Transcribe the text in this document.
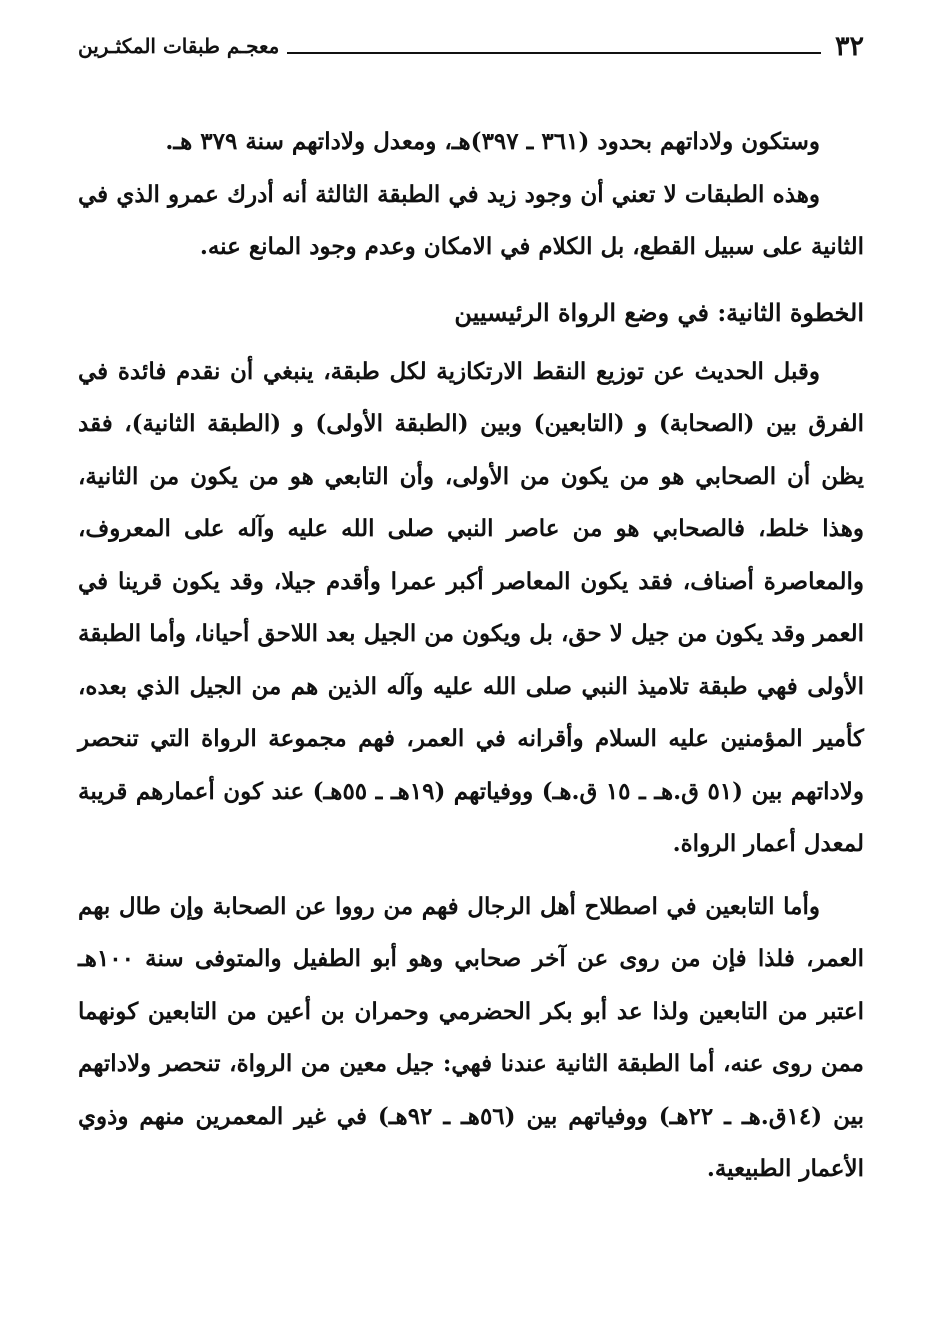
٣٢
معجـم طبقات المكثـرين

وستكون ولاداتهم بحدود (٣٦١ ـ ٣٩٧)هـ، ومعدل ولاداتهم سنة ٣٧٩ هـ.

وهذه الطبقات لا تعني أن وجود زيد في الطبقة الثالثة أنه أدرك عمرو الذي في الثانية على سبيل القطع، بل الكلام في الامكان وعدم وجود المانع عنه.

الخطوة الثانية: في وضع الرواة الرئيسيين

وقبل الحديث عن توزيع النقط الارتكازية لكل طبقة، ينبغي أن نقدم فائدة في الفرق بين (الصحابة) و (التابعين) وبين (الطبقة الأولى) و (الطبقة الثانية)، فقد يظن أن الصحابي هو من يكون من الأولى، وأن التابعي هو من يكون من الثانية، وهذا خلط، فالصحابي هو من عاصر النبي صلى الله عليه وآله على المعروف، والمعاصرة أصناف، فقد يكون المعاصر أكبر عمرا وأقدم جيلا، وقد يكون قرينا في العمر وقد يكون من جيل لا حق، بل ويكون من الجيل بعد اللاحق أحيانا، وأما الطبقة الأولى فهي طبقة تلاميذ النبي صلى الله عليه وآله الذين هم من الجيل الذي بعده، كأمير المؤمنين عليه السلام وأقرانه في العمر، فهم مجموعة الرواة التي تنحصر ولاداتهم بين (٥١ ق.هـ ـ ١٥ ق.هـ) ووفياتهم (١٩هـ ـ ٥٥هـ) عند كون أعمارهم قريبة لمعدل أعمار الرواة.

وأما التابعين في اصطلاح أهل الرجال فهم من رووا عن الصحابة وإن طال بهم العمر، فلذا فإن من روى عن آخر صحابي وهو أبو الطفيل والمتوفى سنة ١٠٠هـ اعتبر من التابعين ولذا عد أبو بكر الحضرمي وحمران بن أعين من التابعين كونهما ممن روى عنه، أما الطبقة الثانية عندنا فهي: جيل معين من الرواة، تنحصر ولاداتهم بين (١٤ق.هـ ـ ٢٢هـ) ووفياتهم بين (٥٦هـ ـ ٩٢هـ) في غير المعمرين منهم وذوي الأعمار الطبيعية.
